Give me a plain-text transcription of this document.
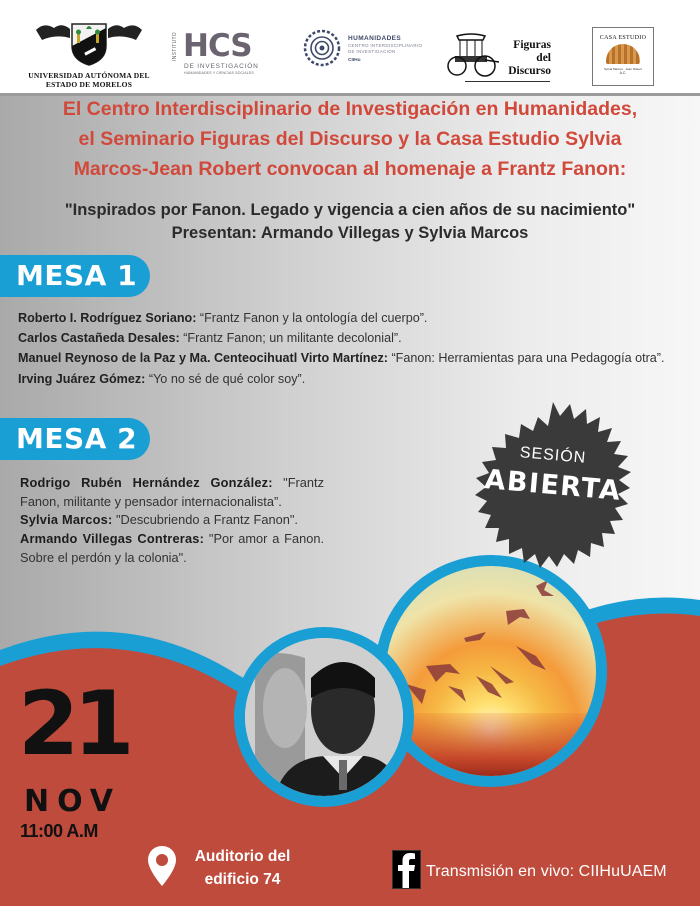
UNIVERSIDAD AUTÓNOMA DEL
ESTADO DE MORELOS
INSTITUTO HCS
DE INVESTIGACIÓN
HUMANIDADES Y CIENCIAS SOCIALES
HUMANIDADES
CENTRO INTERDISCIPLINARIO
DE INVESTIGACIÓN
CIIHu
Figuras
del
Discurso
CASA ESTUDIO
Sylvia Marcos · Jean Robert
A.C.
El Centro Interdisciplinario de Investigación en Humanidades,
el Seminario Figuras del Discurso y la Casa Estudio Sylvia
Marcos-Jean Robert convocan al homenaje a Frantz Fanon:
"Inspirados por Fanon. Legado y vigencia a cien años de su nacimiento"
Presentan: Armando Villegas y Sylvia Marcos
MESA 1
Roberto I. Rodríguez Soriano: “Frantz Fanon y la ontología del cuerpo”.
Carlos Castañeda Desales: “Frantz Fanon; un militante decolonial”.
Manuel Reynoso de la Paz y Ma. Centeocihuatl Virto Martínez: “Fanon: Herramientas para una Pedagogía otra”.
Irving Juárez Gómez: “Yo no sé de qué color soy”.
MESA 2
Rodrigo Rubén Hernández González: "Frantz Fanon, militante y pensador internacionalista”.
Sylvia Marcos: "Descubriendo a Frantz Fanon".
Armando Villegas Contreras: "Por amor a Fanon. Sobre el perdón y la colonia".
SESIÓN
ABIERTA
21
NOV
11:00 A.M
Auditorio del
edificio 74	Transmisión en vivo: CIIHuUAEM
